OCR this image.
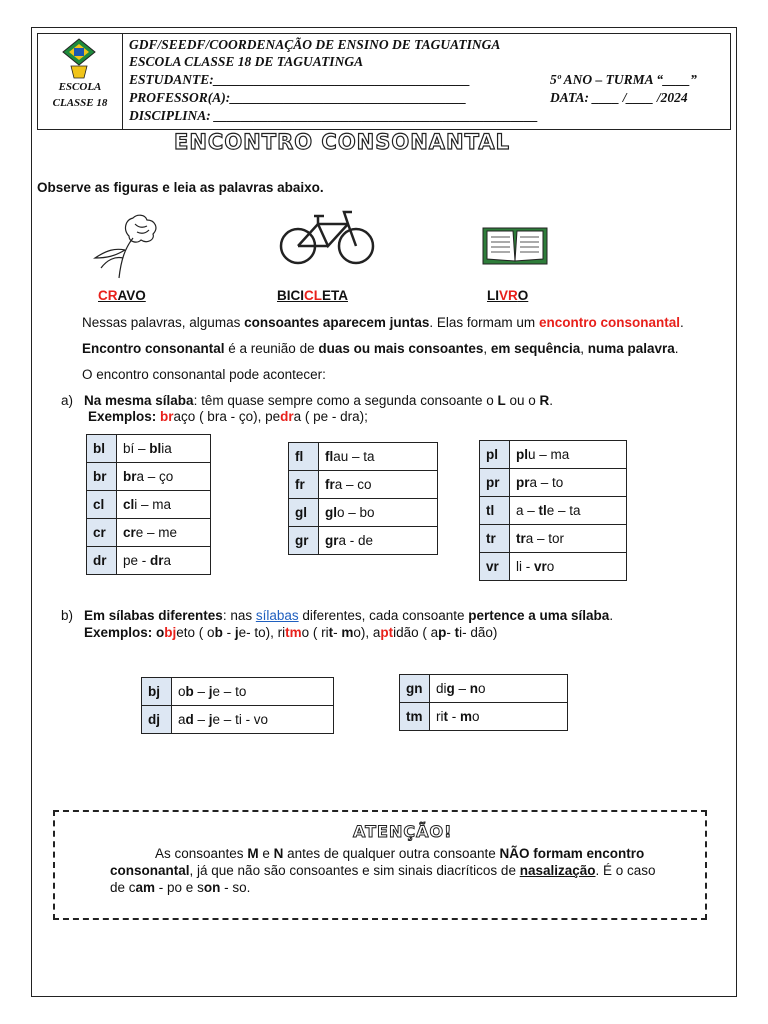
ESCOLA
CLASSE 18
GDF/SEEDF/COORDENAÇÃO DE ENSINO DE TAGUATINGA
ESCOLA CLASSE 18 DE TAGUATINGA
ESTUDANTE:______________________________________	5º ANO – TURMA “____”
PROFESSOR(A):___________________________________	DATA: ____ /____ /2024
DISCIPLINA: ________________________________________________
ENCONTRO CONSONANTAL
Observe as figuras e leia as palavras abaixo.
CRAVO	BICICLETA	LIVRO
Nessas palavras, algumas consoantes aparecem juntas. Elas formam um encontro consonantal.
Encontro consonantal é a reunião de duas ou mais consoantes, em sequência, numa palavra.
O encontro consonantal pode acontecer:
a) Na mesma sílaba: têm quase sempre como a segunda consoante o L ou o R.
Exemplos: braço ( bra - ço), pedra ( pe - dra);
bl	bí – blia
br	bra – ço
cl	cli – ma
cr	cre – me
dr	pe - dra
fl	flau – ta
fr	fra – co
gl	glo – bo
gr	gra - de
pl	plu – ma
pr	pra – to
tl	a – tle – ta
tr	tra – tor
vr	li - vro
b) Em sílabas diferentes: nas sílabas diferentes, cada consoante pertence a uma sílaba.
Exemplos: objeto ( ob - je- to), ritmo ( rit- mo), aptidão ( ap- ti- dão)
bj	ob – je – to
dj	ad – je – ti - vo
gn	dig – no
tm	rit - mo
ATENÇÃO!
As consoantes M e N antes de qualquer outra consoante NÃO formam encontro
consonantal, já que não são consoantes e sim sinais diacríticos de nasalização. É o caso
de cam - po e son - so.
